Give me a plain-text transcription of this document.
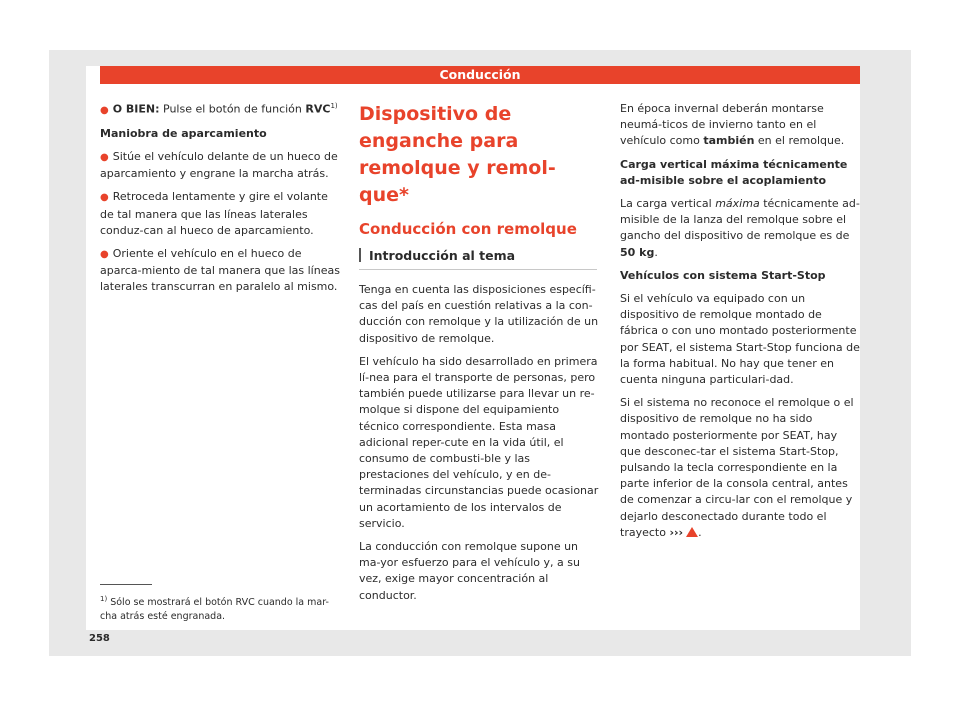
Conducción

● O BIEN: Pulse el botón de función RVC$^{1)}$

Maniobra de aparcamiento

● Sitúe el vehículo delante de un hueco de aparcamiento y engrane la marcha atrás.

● Retroceda lentamente y gire el volante de tal manera que las líneas laterales conduz-can al hueco de aparcamiento.

● Oriente el vehículo en el hueco de aparca-miento de tal manera que las líneas laterales transcurran en paralelo al mismo.

Dispositivo de enganche para remolque y remol-que*
Conducción con remolque
Introducción al tema

Tenga en cuenta las disposiciones específi-cas del país en cuestión relativas a la con-ducción con remolque y la utilización de un dispositivo de remolque.

El vehículo ha sido desarrollado en primera lí-nea para el transporte de personas, pero también puede utilizarse para llevar un re-molque si dispone del equipamiento técnico correspondiente. Esta masa adicional reper-cute en la vida útil, el consumo de combusti-ble y las prestaciones del vehículo, y en de-terminadas circunstancias puede ocasionar un acortamiento de los intervalos de servicio.

La conducción con remolque supone un ma-yor esfuerzo para el vehículo y, a su vez, exige mayor concentración al conductor.

En época invernal deberán montarse neumá-ticos de invierno tanto en el vehículo como también en el remolque.

Carga vertical máxima técnicamente ad-misible sobre el acoplamiento

La carga vertical máxima técnicamente ad-misible de la lanza del remolque sobre el gancho del dispositivo de remolque es de 50 kg.

Vehículos con sistema Start-Stop

Si el vehículo va equipado con un dispositivo de remolque montado de fábrica o con uno montado posteriormente por SEAT, el sistema Start-Stop funciona de la forma habitual. No hay que tener en cuenta ninguna particulari-dad.

Si el sistema no reconoce el remolque o el dispositivo de remolque no ha sido montado posteriormente por SEAT, hay que desconec-tar el sistema Start-Stop, pulsando la tecla correspondiente en la parte inferior de la consola central, antes de comenzar a circu-lar con el remolque y dejarlo desconectado durante todo el trayecto ››› .

$^{1)}$ Sólo se mostrará el botón RVC cuando la mar-cha atrás esté engranada.
258
